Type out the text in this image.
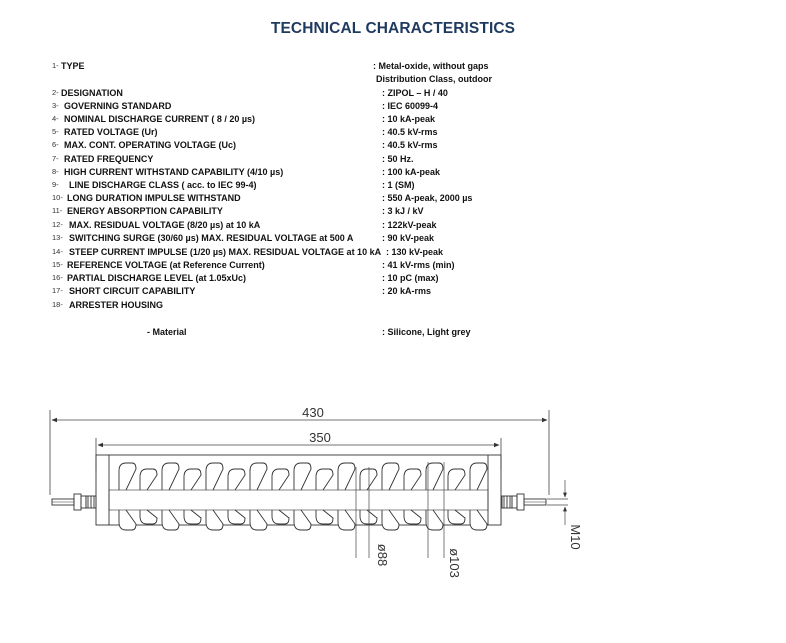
TECHNICAL CHARACTERISTICS
1- TYPE	: Metal-oxide, without gaps
Distribution Class, outdoor
2- DESIGNATION	: ZIPOL – H / 40
3- GOVERNING STANDARD	: IEC 60099-4
4- NOMINAL DISCHARGE CURRENT ( 8 / 20 µs)	: 10 kA-peak
5- RATED VOLTAGE (Ur)	: 40.5 kV-rms
6- MAX. CONT. OPERATING VOLTAGE (Uc)	: 40.5 kV-rms
7- RATED FREQUENCY	: 50 Hz.
8- HIGH CURRENT WITHSTAND CAPABILITY (4/10 µs)	: 100 kA-peak
9- LINE DISCHARGE CLASS ( acc. to IEC 99-4)	: 1 (SM)
10- LONG DURATION IMPULSE WITHSTAND	: 550 A-peak, 2000 µs
11- ENERGY ABSORPTION CAPABILITY	: 3 kJ / kV
12- MAX. RESIDUAL VOLTAGE (8/20 µs) at 10 kA	: 122kV-peak
13- SWITCHING SURGE (30/60 µs) MAX. RESIDUAL VOLTAGE at 500 A	: 90 kV-peak
14- STEEP CURRENT IMPULSE (1/20 µs) MAX. RESIDUAL VOLTAGE at 10 kA : 130 kV-peak
15- REFERENCE VOLTAGE (at Reference Current)	: 41 kV-rms (min)
16- PARTIAL DISCHARGE LEVEL (at 1.05xUc)	: 10 pC (max)
17- SHORT CIRCUIT CAPABILITY	: 20 kA-rms
18- ARRESTER HOUSING
- Material	: Silicone, Light grey
430
350
ø88	ø103
M10
